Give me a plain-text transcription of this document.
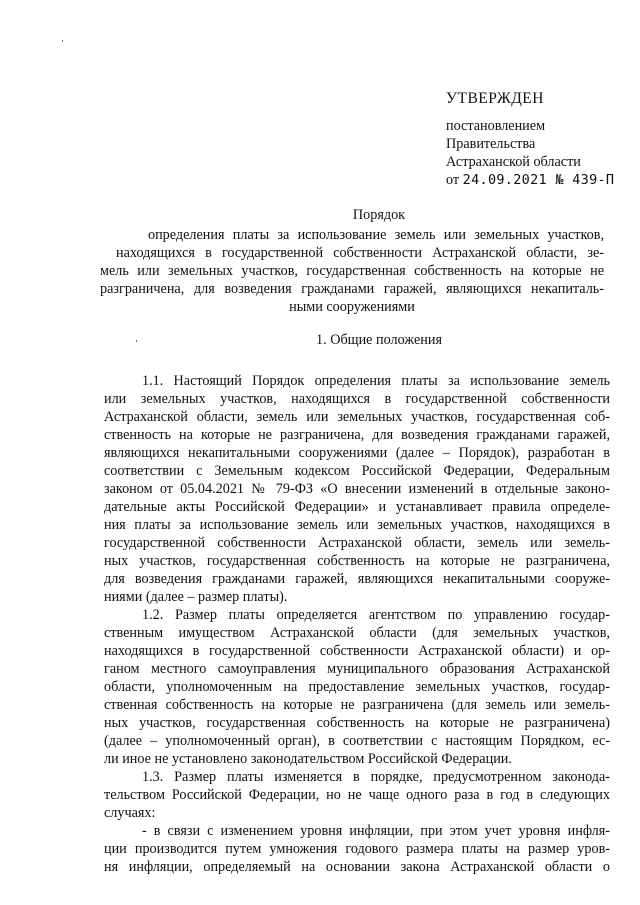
УТВЕРЖДЕН
постановлением
Правительства
Астраханской области
от 24.09.2021 № 439-П
Порядок
определения платы за использование земель или земельных участков,
находящихся в государственной собственности Астраханской области, зе-
мель или земельных участков, государственная собственность на которые не
разграничена, для возведения гражданами гаражей, являющихся некапиталь-
ными сооружениями
1. Общие положения
1.1. Настоящий Порядок определения платы за использование земель
или земельных участков, находящихся в государственной собственности
Астраханской области, земель или земельных участков, государственная соб-
ственность на которые не разграничена, для возведения гражданами гаражей,
являющихся некапитальными сооружениями (далее – Порядок), разработан в
соответствии с Земельным кодексом Российской Федерации, Федеральным
законом от 05.04.2021 № 79-ФЗ «О внесении изменений в отдельные законо-
дательные акты Российской Федерации» и устанавливает правила определе-
ния платы за использование земель или земельных участков, находящихся в
государственной собственности Астраханской области, земель или земель-
ных участков, государственная собственность на которые не разграничена,
для возведения гражданами гаражей, являющихся некапитальными сооруже-
ниями (далее – размер платы).
1.2. Размер платы определяется агентством по управлению государ-
ственным имуществом Астраханской области (для земельных участков,
находящихся в государственной собственности Астраханской области) и ор-
ганом местного самоуправления муниципального образования Астраханской
области, уполномоченным на предоставление земельных участков, государ-
ственная собственность на которые не разграничена (для земель или земель-
ных участков, государственная собственность на которые не разграничена)
(далее – уполномоченный орган), в соответствии с настоящим Порядком, ес-
ли иное не установлено законодательством Российской Федерации.
1.3. Размер платы изменяется в порядке, предусмотренном законода-
тельством Российской Федерации, но не чаще одного раза в год в следующих
случаях:
- в связи с изменением уровня инфляции, при этом учет уровня инфля-
ции производится путем умножения годового размера платы на размер уров-
ня инфляции, определяемый на основании закона Астраханской области о
